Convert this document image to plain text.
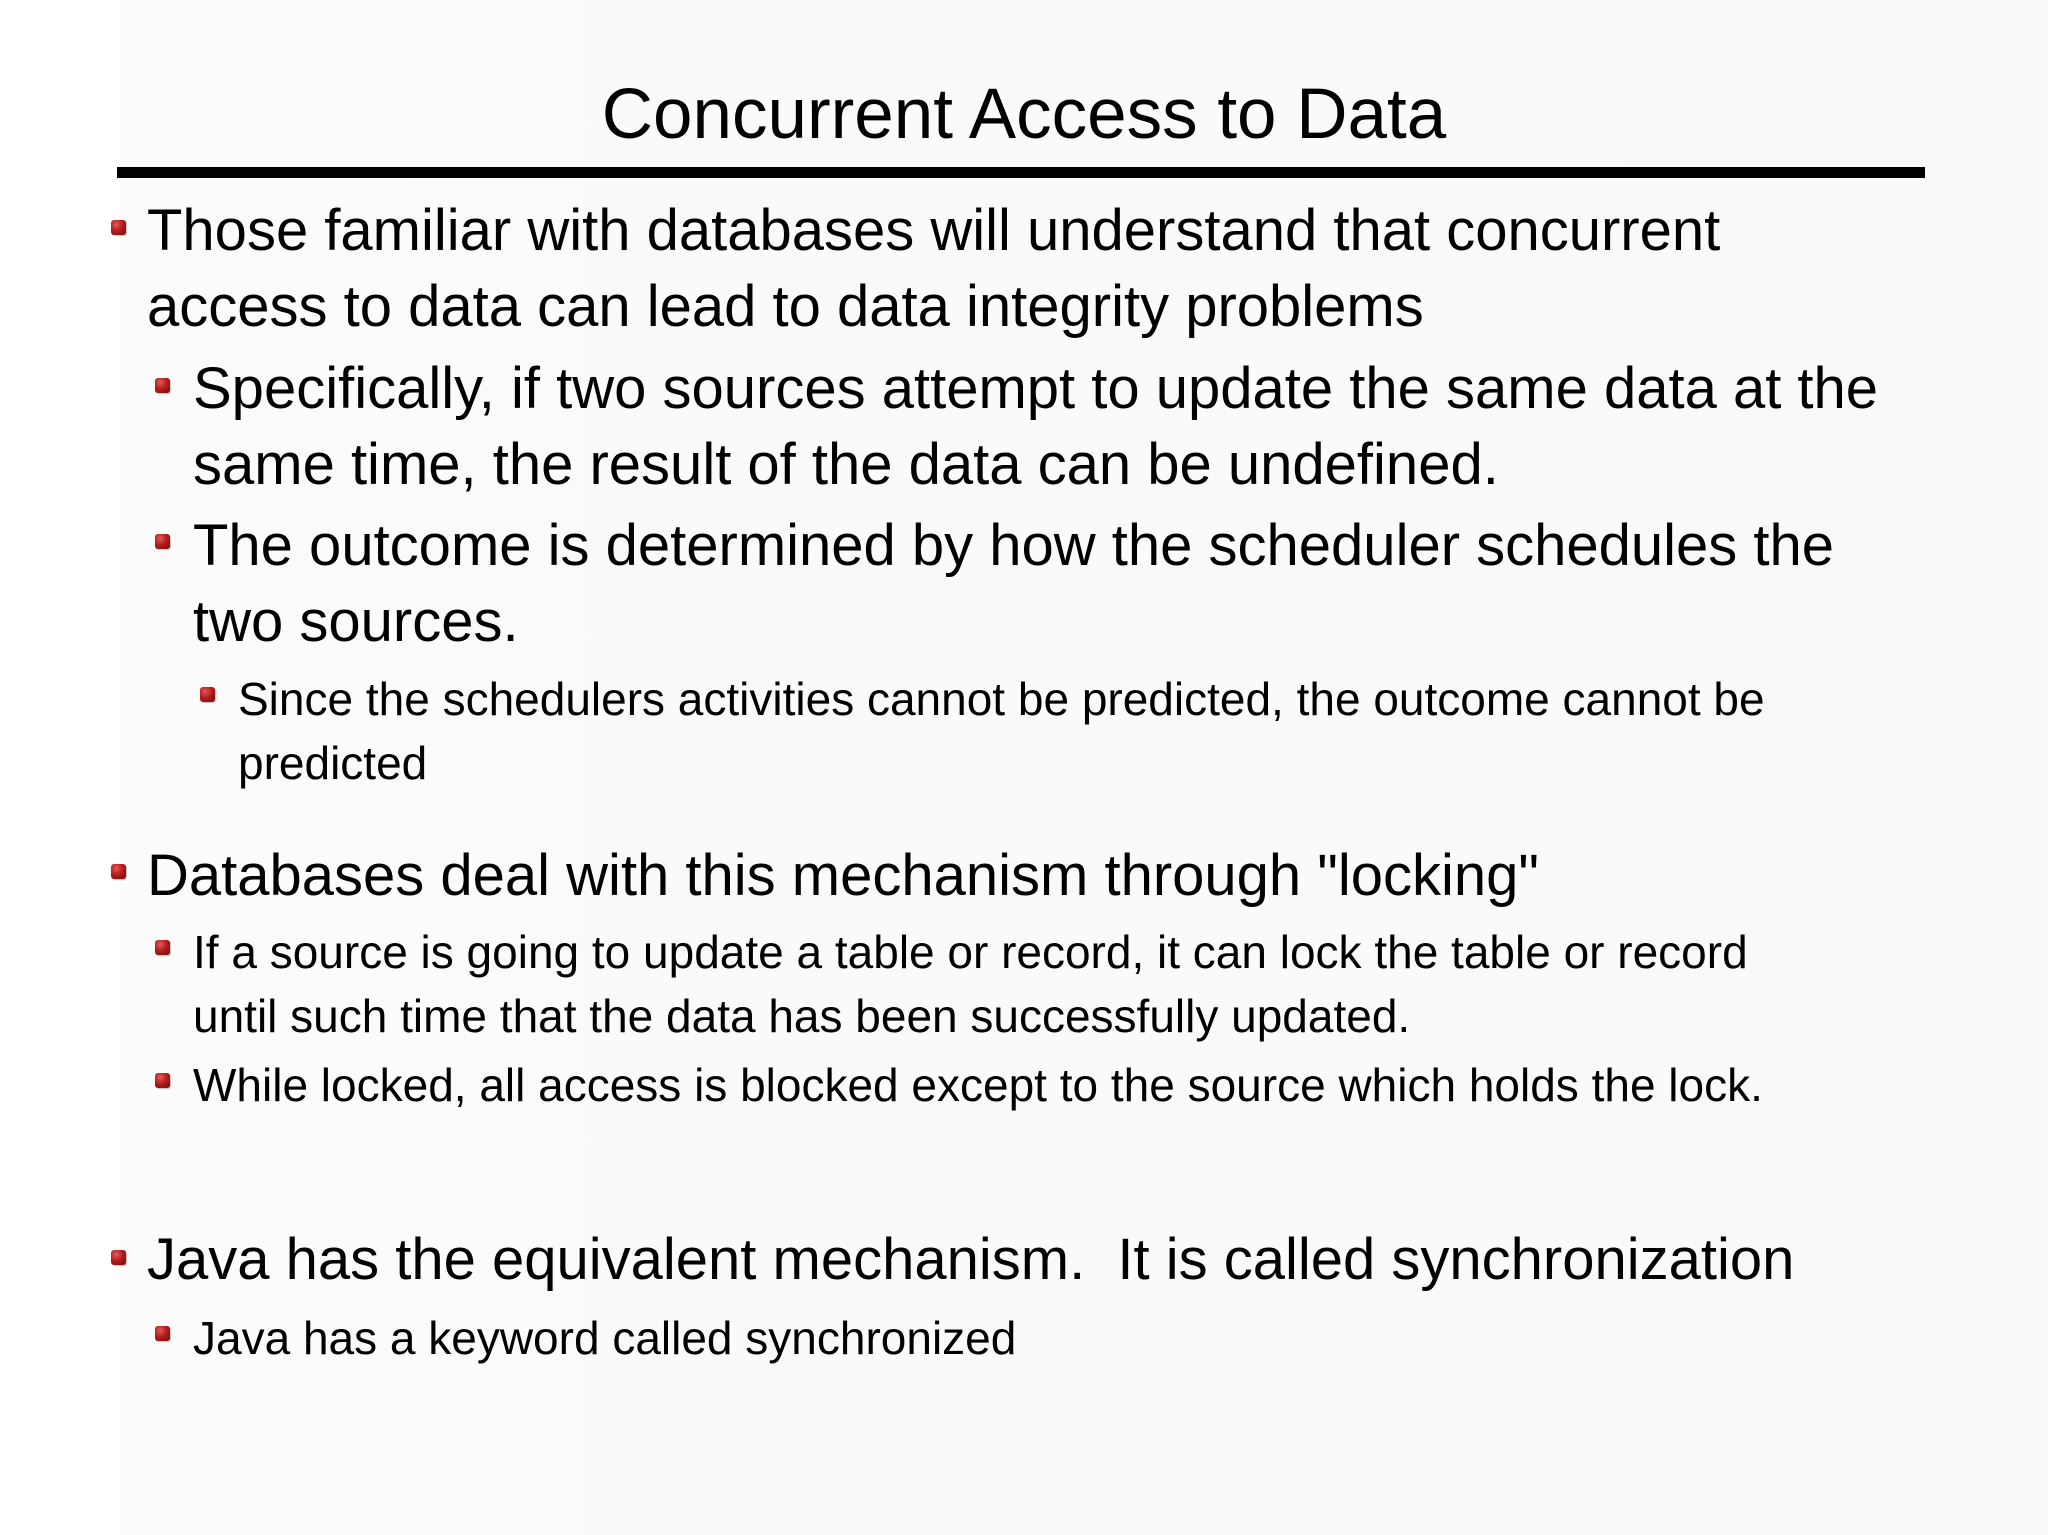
Concurrent Access to Data
Those familiar with databases will understand that concurrent access to data can lead to data integrity problems
Specifically, if two sources attempt to update the same data at the same time, the result of the data can be undefined.
The outcome is determined by how the scheduler schedules the two sources.
Since the schedulers activities cannot be predicted, the outcome cannot be predicted
Databases deal with this mechanism through "locking"
If a source is going to update a table or record, it can lock the table or record until such time that the data has been successfully updated.
While locked, all access is blocked except to the source which holds the lock.
Java has the equivalent mechanism.  It is called synchronization
Java has a keyword called synchronized
